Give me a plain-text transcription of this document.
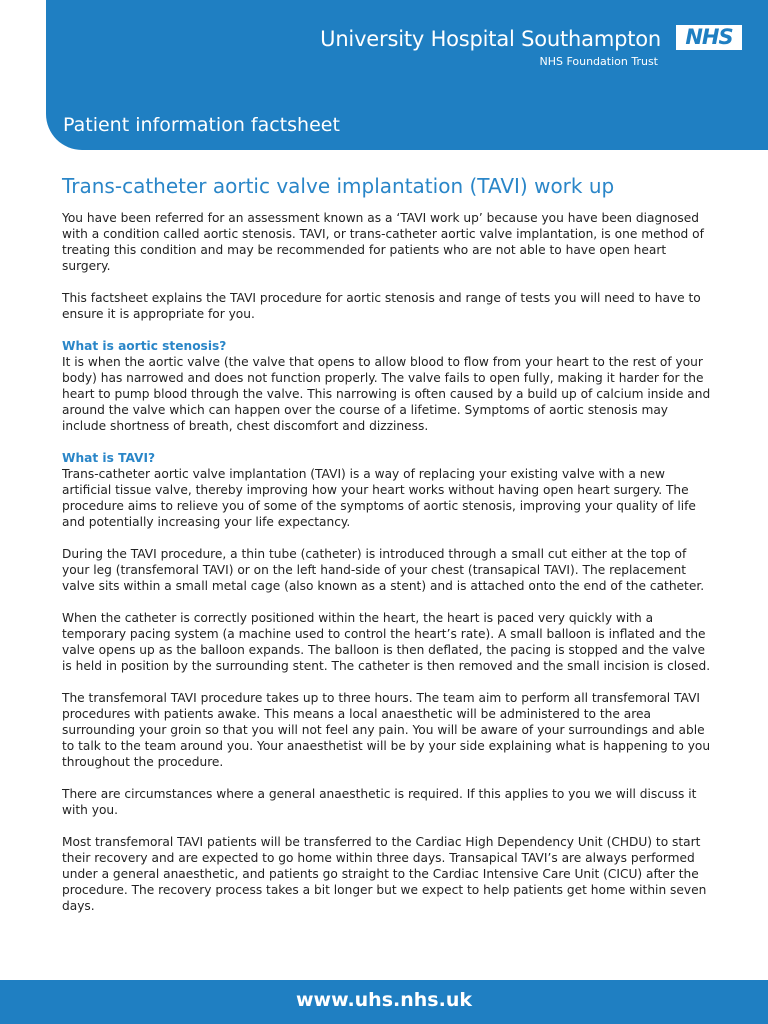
University Hospital Southampton
NHS Foundation Trust
NHS
Patient information factsheet
Trans-catheter aortic valve implantation (TAVI) work up

You have been referred for an assessment known as a ‘TAVI work up’ because you have been diagnosed with a condition called aortic stenosis. TAVI, or trans-catheter aortic valve implantation, is one method of treating this condition and may be recommended for patients who are not able to have open heart surgery.

This factsheet explains the TAVI procedure for aortic stenosis and range of tests you will need to have to ensure it is appropriate for you.

What is aortic stenosis?
It is when the aortic valve (the valve that opens to allow blood to flow from your heart to the rest of your body) has narrowed and does not function properly. The valve fails to open fully, making it harder for the heart to pump blood through the valve. This narrowing is often caused by a build up of calcium inside and around the valve which can happen over the course of a lifetime. Symptoms of aortic stenosis may include shortness of breath, chest discomfort and dizziness.
What is TAVI?
Trans-catheter aortic valve implantation (TAVI) is a way of replacing your existing valve with a new artificial tissue valve, thereby improving how your heart works without having open heart surgery. The procedure aims to relieve you of some of the symptoms of aortic stenosis, improving your quality of life and potentially increasing your life expectancy.

During the TAVI procedure, a thin tube (catheter) is introduced through a small cut either at the top of your leg (transfemoral TAVI) or on the left hand-side of your chest (transapical TAVI). The replacement valve sits within a small metal cage (also known as a stent) and is attached onto the end of the catheter.

When the catheter is correctly positioned within the heart, the heart is paced very quickly with a temporary pacing system (a machine used to control the heart’s rate). A small balloon is inflated and the valve opens up as the balloon expands. The balloon is then deflated, the pacing is stopped and the valve is held in position by the surrounding stent. The catheter is then removed and the small incision is closed.

The transfemoral TAVI procedure takes up to three hours. The team aim to perform all transfemoral TAVI procedures with patients awake. This means a local anaesthetic will be administered to the area surrounding your groin so that you will not feel any pain. You will be aware of your surroundings and able to talk to the team around you. Your anaesthetist will be by your side explaining what is happening to you throughout the procedure.

There are circumstances where a general anaesthetic is required. If this applies to you we will discuss it with you.

Most transfemoral TAVI patients will be transferred to the Cardiac High Dependency Unit (CHDU) to start their recovery and are expected to go home within three days. Transapical TAVI’s are always performed under a general anaesthetic, and patients go straight to the Cardiac Intensive Care Unit (CICU) after the procedure. The recovery process takes a bit longer but we expect to help patients get home within seven days.

www.uhs.nhs.uk
